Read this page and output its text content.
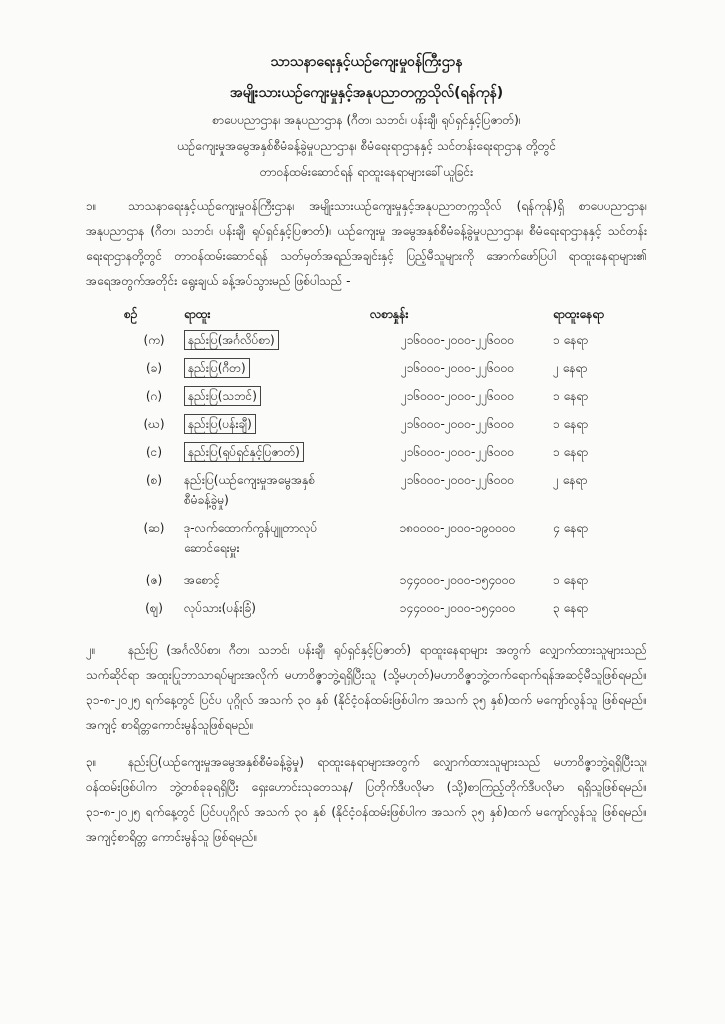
သာသနာရေးနှင့်ယဉ်ကျေးမှုဝန်ကြီးဌာန
အမျိုးသားယဉ်ကျေးမှုနှင့်အနုပညာတက္ကသိုလ်(ရန်ကုန်)
စာပေပညာဌာန၊ အနုပညာဌာန (ဂီတ၊ သဘင်၊ ပန်းချီ၊ ရုပ်ရှင်နှင့်ပြဇာတ်)၊
ယဉ်ကျေးမှုအမွေအနှစ်စီမံခန့်ခွဲမှုပညာဌာန၊ စီမံရေးရာဌာနနှင့် သင်တန်းရေးရာဌာန တို့တွင်
တာဝန်ထမ်းဆောင်ရန် ရာထူးနေရာများခေါ်ယူခြင်း

၁။	သာသနာရေးနှင့်ယဉ်ကျေးမှုဝန်ကြီးဌာန၊ အမျိုးသားယဉ်ကျေးမှုနှင့်အနုပညာတက္ကသိုလ် (ရန်ကုန်)ရှိ စာပေပညာဌာန၊ အနုပညာဌာန (ဂီတ၊ သဘင်၊ ပန်းချီ၊ ရုပ်ရှင်နှင့်ပြဇာတ်)၊ ယဉ်ကျေးမှု အမွေအနှစ်စီမံခန့်ခွဲမှုပညာဌာန၊ စီမံရေးရာဌာနနှင့် သင်တန်းရေးရာဌာနတို့တွင် တာဝန်ထမ်းဆောင်ရန် သတ်မှတ်အရည်အချင်းနှင့် ပြည့်မီသူများကို အောက်ဖော်ပြပါ ရာထူးနေရာများ၏ အရေအတွက်အတိုင်း ရွေးချယ် ခန့်အပ်သွားမည် ဖြစ်ပါသည် -

စဉ်	ရာထူး	လစာနှုန်း	ရာထူးနေရာ
(က)	နည်းပြ(အင်္ဂလိပ်စာ)	၂၁၆၀၀၀-၂၀၀၀-၂၂၆၀၀၀	၁ နေရာ
(ခ)	နည်းပြ(ဂီတ)	၂၁၆၀၀၀-၂၀၀၀-၂၂၆၀၀၀	၂ နေရာ
(ဂ)	နည်းပြ(သဘင်)	၂၁၆၀၀၀-၂၀၀၀-၂၂၆၀၀၀	၁ နေရာ
(ဃ)	နည်းပြ(ပန်းချီ)	၂၁၆၀၀၀-၂၀၀၀-၂၂၆၀၀၀	၁ နေရာ
(င)	နည်းပြ(ရုပ်ရှင်နှင့်ပြဇာတ်)	၂၁၆၀၀၀-၂၀၀၀-၂၂၆၀၀၀	၁ နေရာ
(စ)	နည်းပြ(ယဉ်ကျေးမှုအမွေအနှစ်
စီမံခန့်ခွဲမှု)	၂၁၆၀၀၀-၂၀၀၀-၂၂၆၀၀၀	၂ နေရာ
(ဆ)	ဒု-လက်ထောက်ကွန်ပျူတာလုပ်
ဆောင်ရေးမှူး	၁၈၀၀၀၀-၂၀၀၀-၁၉၀၀၀၀	၄ နေရာ
(ဇ)	အစောင့်	၁၄၄၀၀၀-၂၀၀၀-၁၅၄၀၀၀	၁ နေရာ
(ဈ)	လုပ်သား(ပန်းခြံ)	၁၄၄၀၀၀-၂၀၀၀-၁၅၄၀၀၀	၃ နေရာ

၂။	နည်းပြ (အင်္ဂလိပ်စာ၊ ဂီတ၊ သဘင်၊ ပန်းချီ၊ ရုပ်ရှင်နှင့်ပြဇာတ်) ရာထူးနေရာများ အတွက် လျှောက်ထားသူများသည် သက်ဆိုင်ရာ အထူးပြုဘာသာရပ်များအလိုက် မဟာဝိဇ္ဇာဘွဲ့ရရှိပြီးသူ (သို့မဟုတ်)မဟာဝိဇ္ဇာဘွဲ့တက်ရောက်ရန်အဆင့်မီသူဖြစ်ရမည်။ ၃၁-၈-၂၀၂၅ ရက်နေ့တွင် ပြင်ပ ပုဂ္ဂိုလ် အသက် ၃၀ နှစ် (နိုင်ငံ့ဝန်ထမ်းဖြစ်ပါက အသက် ၃၅ နှစ်)ထက် မကျော်လွန်သူ ဖြစ်ရမည်။ အကျင့် စာရိတ္တကောင်းမွန်သူဖြစ်ရမည်။

၃။	နည်းပြ(ယဉ်ကျေးမှုအမွေအနှစ်စီမံခန့်ခွဲမှု) ရာထူးနေရာများအတွက် လျှောက်ထားသူများသည် မဟာဝိဇ္ဇာဘွဲ့ရရှိပြီးသူ၊ ဝန်ထမ်းဖြစ်ပါက ဘွဲ့တစ်ခုခုရရှိပြီး ရှေးဟောင်းသုတေသန/ ပြတိုက်ဒီပလိုမာ (သို့)စာကြည့်တိုက်ဒီပလိုမာ ရရှိသူဖြစ်ရမည်။ ၃၁-၈-၂၀၂၅ ရက်နေ့တွင် ပြင်ပပုဂ္ဂိုလ် အသက် ၃၀ နှစ် (နိုင်ငံ့ဝန်ထမ်းဖြစ်ပါက အသက် ၃၅ နှစ်)ထက် မကျော်လွန်သူ ဖြစ်ရမည်။ အကျင့်စာရိတ္တ ကောင်းမွန်သူ ဖြစ်ရမည်။
